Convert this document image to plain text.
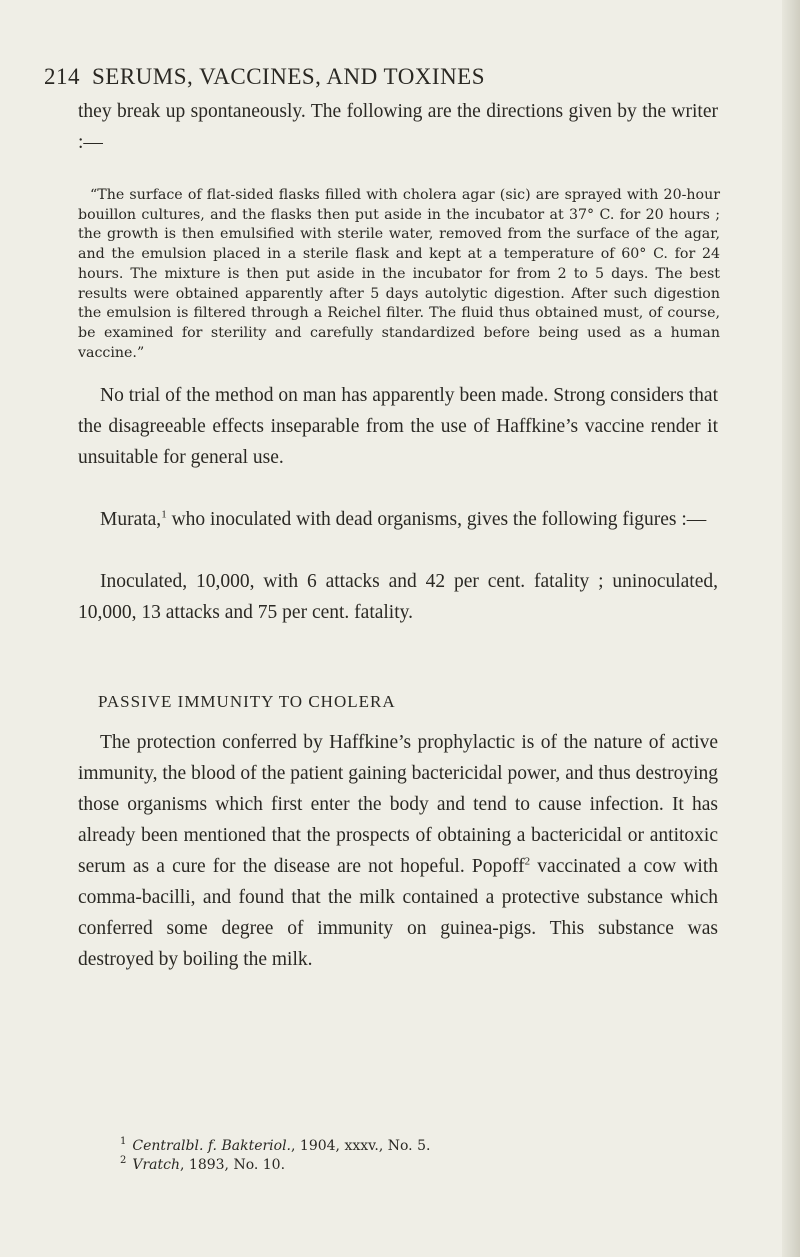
214 SERUMS, VACCINES, AND TOXINES

they break up spontaneously. The following are the directions given by the writer :—

“The surface of flat-sided flasks filled with cholera agar (sic) are sprayed with 20-hour bouillon cultures, and the flasks then put aside in the incubator at 37° C. for 20 hours ; the growth is then emulsified with sterile water, removed from the surface of the agar, and the emulsion placed in a sterile flask and kept at a temperature of 60° C. for 24 hours. The mixture is then put aside in the incubator for from 2 to 5 days. The best results were obtained apparently after 5 days autolytic digestion. After such digestion the emulsion is filtered through a Reichel filter. The fluid thus obtained must, of course, be examined for sterility and carefully standardized before being used as a human vaccine.”

No trial of the method on man has apparently been made. Strong considers that the disagreeable effects inseparable from the use of Haffkine’s vaccine render it unsuitable for general use.

Murata,$^1$ who inoculated with dead organisms, gives the following figures :—

Inoculated, 10,000, with 6 attacks and 42 per cent. fatality ; uninoculated, 10,000, 13 attacks and 75 per cent. fatality.

PASSIVE IMMUNITY TO CHOLERA

The protection conferred by Haffkine’s prophylactic is of the nature of active immunity, the blood of the patient gaining bactericidal power, and thus destroying those organisms which first enter the body and tend to cause infection. It has already been mentioned that the prospects of obtaining a bactericidal or antitoxic serum as a cure for the disease are not hopeful. Popoff$^2$ vaccinated a cow with comma-bacilli, and found that the milk contained a protective substance which conferred some degree of immunity on guinea-pigs. This substance was destroyed by boiling the milk.

$^1$ Centralbl. f. Bakteriol., 1904, xxxv., No. 5.

$^2$ Vratch, 1893, No. 10.
